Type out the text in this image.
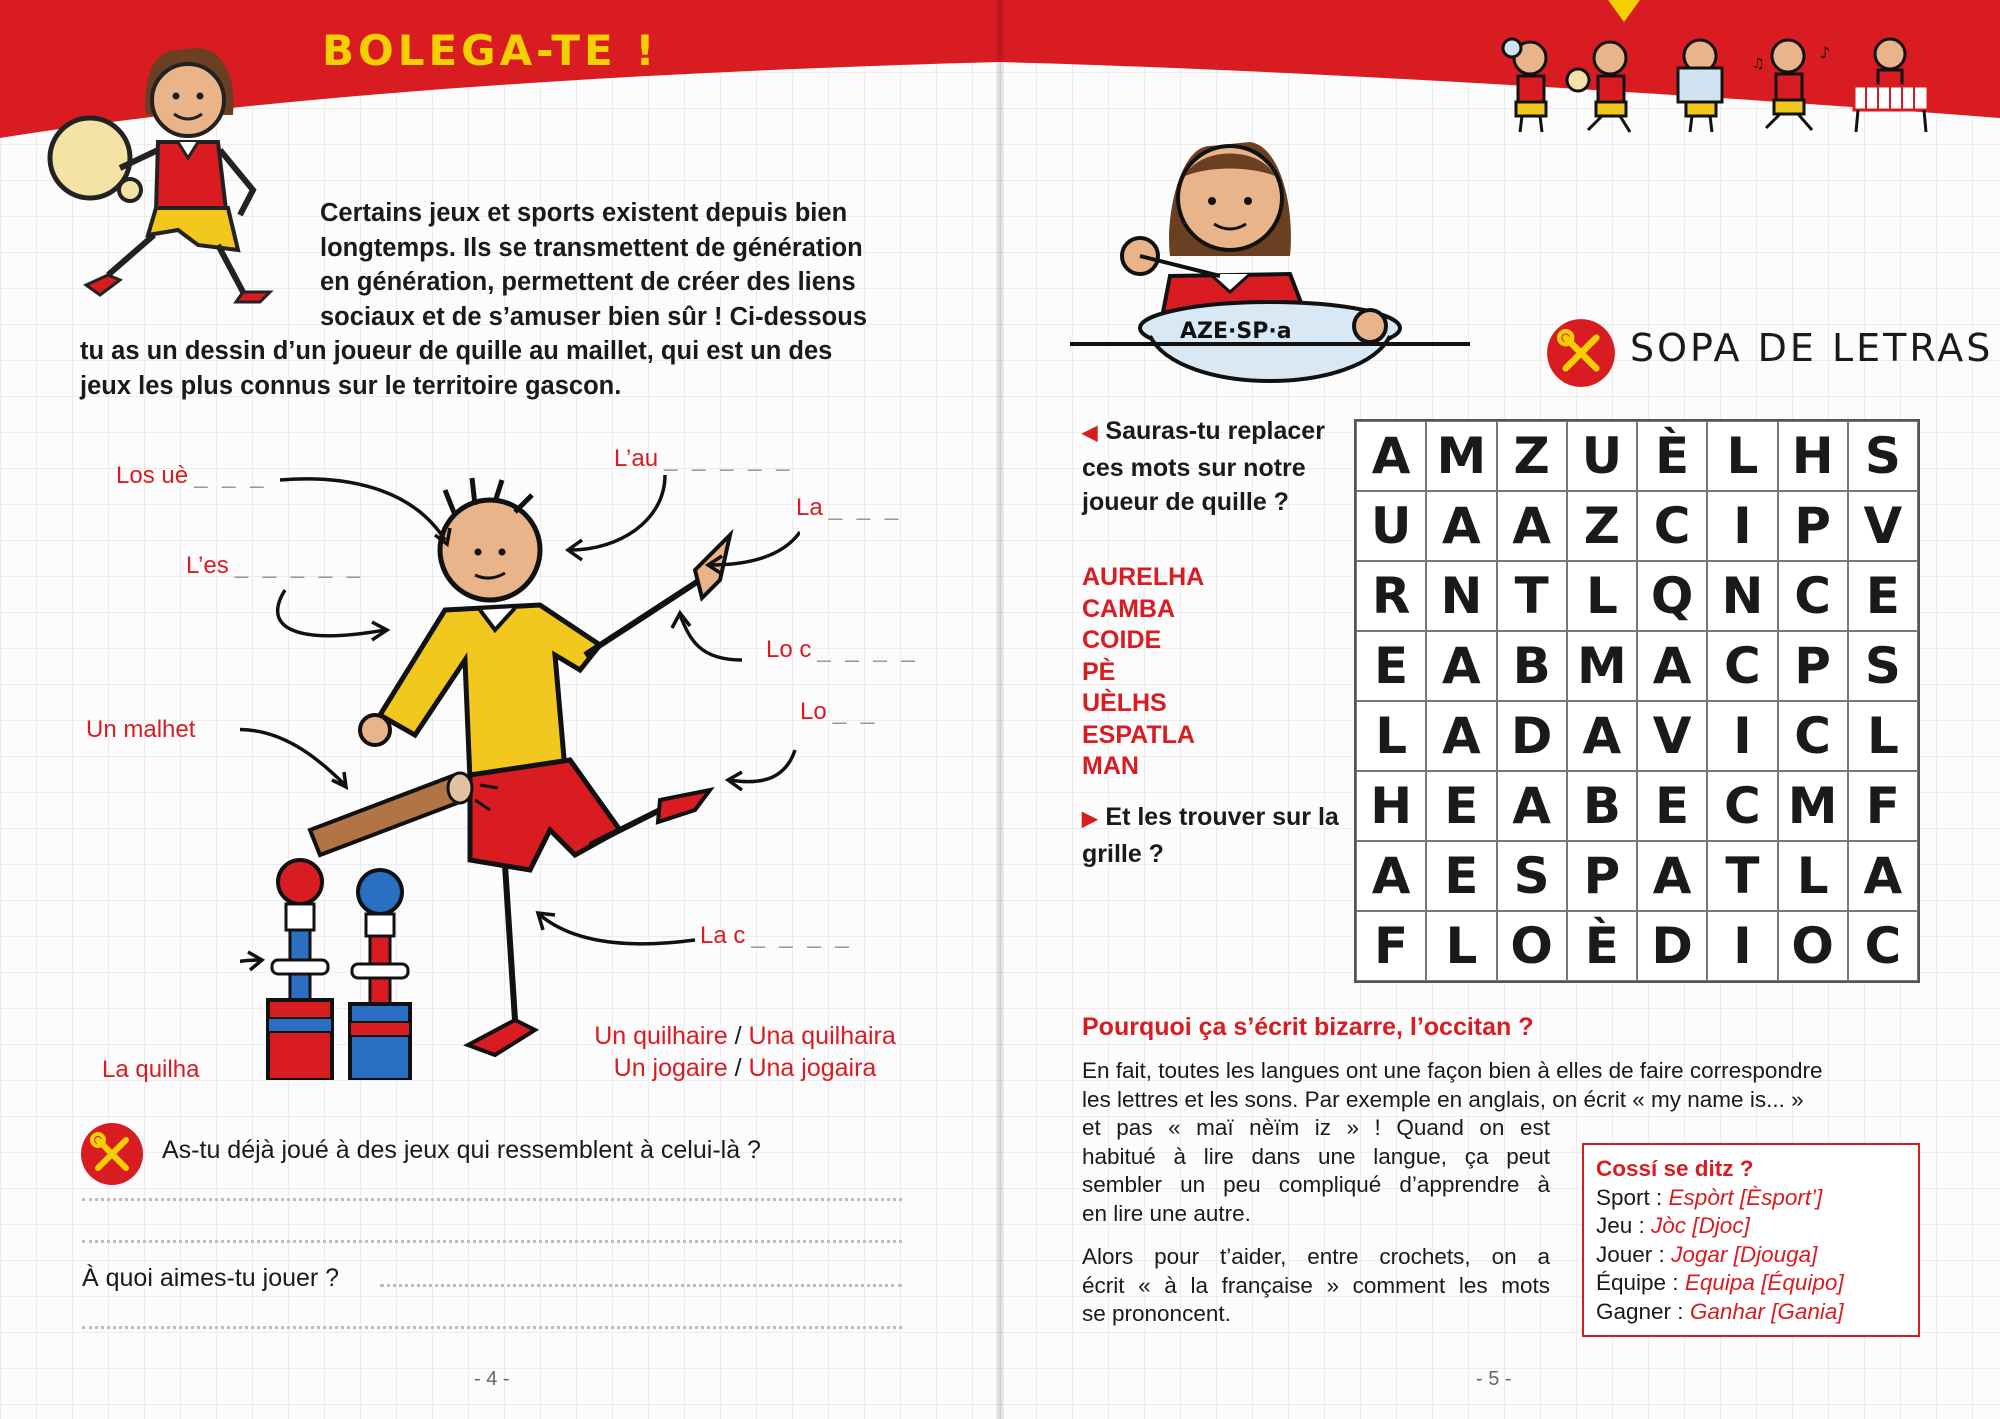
BOLEGA-TE !
Certains jeux et sports existent depuis bien
longtemps. Ils se transmettent de génération
en génération, permettent de créer des liens
sociaux et de s’amuser bien sûr ! Ci-dessous
tu as un dessin d’un joueur de quille au maillet, qui est un des
jeux les plus connus sur le territoire gascon.
Los uè _ _ _
L’au _ _ _ _ _
La _ _ _
L’es _ _ _ _ _
Lo c _ _ _ _
Lo _ _
Un malhet
La c _ _ _ _
La quilha
Un quilhaire / Una quilhaira
Un jogaire / Una jogaira
As-tu déjà joué à des jeux qui ressemblent à celui-là ?
À quoi aimes-tu jouer ?
- 4 -
♪
♫
AZE·SP·a	SOPA DE LETRAS
◀ Sauras-tu replacer ces mots sur notre joueur de quille ?
AURELHA
CAMBA
COIDE
PÈ
UÈLHS
ESPATLA
MAN
▶ Et les trouver sur la grille ?
A M Z U È L H S
U A A Z C I P V
R N T L Q N C E
E A B M A C P S
L A D A V I C L
H E A B E C M F
A E S P A T L A
F L O È D I O C
Pourquoi ça s’écrit bizarre, l’occitan ?
En fait, toutes les langues ont une façon bien à elles de faire correspondre
les lettres et les sons. Par exemple en anglais, on écrit « my name is... »
et pas « maï nèïm iz » ! Quand on est
habitué à lire dans une langue, ça peut
sembler un peu compliqué d’apprendre à
en lire une autre.
Alors pour t’aider, entre crochets, on a
écrit « à la française » comment les mots
se prononcent.
Cossí se ditz ?
Sport : Espòrt [Èsport’]
Jeu : Jòc [Djoc]
Jouer : Jogar [Djouga]
Équipe : Equipa [Équipo]
Gagner : Ganhar [Gania]
- 5 -
